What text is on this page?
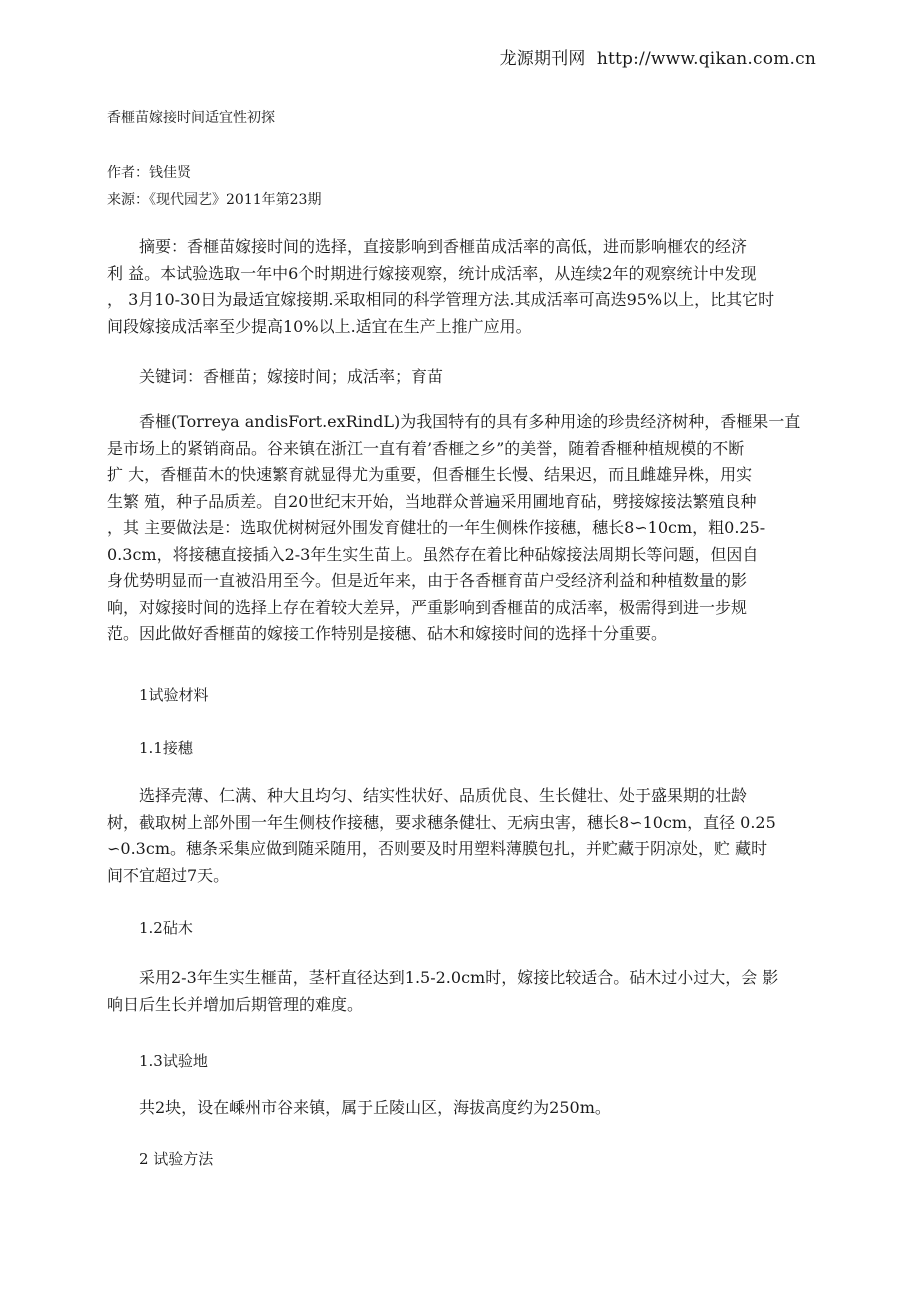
龙源期刊网 http://www.qikan.com.cn
香榧苗嫁接时间适宜性初探
作者：钱佳贤
来源：《现代园艺》2011年第23期
摘要：香榧苗嫁接时间的选择，直接影响到香榧苗成活率的高低，进而影响榧农的经济
利 益。本试验选取一年中6个时期进行嫁接观察，统计成活率，从连续2年的观察统计中发现
， 3月10-30日为最适宜嫁接期.采取相同的科学管理方法.其成活率可高迭95%以上，比其它时
间段嫁接成活率至少提高10%以上.适宜在生产上推广应用。
关键词：香榧苗；嫁接时间；成活率；育苗
香榧(Torreya andisFort.exRindL)为我国特有的具有多种用途的珍贵经济树种，香榧果一直
是市场上的紧销商品。谷来镇在浙江一直有着’香榧之乡”的美誉，随着香榧种植规模的不断
扩 大，香榧苗木的快速繁育就显得尤为重要，但香榧生长慢、结果迟，而且雌雄异株，用实
生繁 殖，种子品质差。自20世纪末开始，当地群众普遍采用圃地育砧，劈接嫁接法繁殖良种
，其 主要做法是：选取优树树冠外围发育健壮的一年生侧株作接穗，穗长8∽10cm，粗0.25-
0.3cm，将接穗直接插入2-3年生实生苗上。虽然存在着比种砧嫁接法周期长等问题，但因自
身优势明显而一直被沿用至今。但是近年来，由于各香榧育苗户受经济利益和种植数量的影
响，对嫁接时间的选择上存在着较大差异，严重影响到香榧苗的成活率，极需得到进一步规
范。因此做好香榧苗的嫁接工作特别是接穗、砧木和嫁接时间的选择十分重要。
1试验材料
1.1接穗
选择壳薄、仁满、种大且均匀、结实性状好、品质优良、生长健壮、处于盛果期的壮龄
树，截取树上部外围一年生侧枝作接穗，要求穗条健壮、无病虫害，穗长8∽10cm，直径 0.25
∽0.3cm。穗条采集应做到随采随用，否则要及时用塑料薄膜包扎，并贮藏于阴凉处，贮 藏时
间不宜超过7天。
1.2砧木
采用2-3年生实生榧苗，茎杆直径达到1.5-2.0cm时，嫁接比较适合。砧木过小过大，会 影
响日后生长并增加后期管理的难度。
1.3试验地
共2块，设在嵊州市谷来镇，属于丘陵山区，海拔高度约为250m。
2 试验方法
